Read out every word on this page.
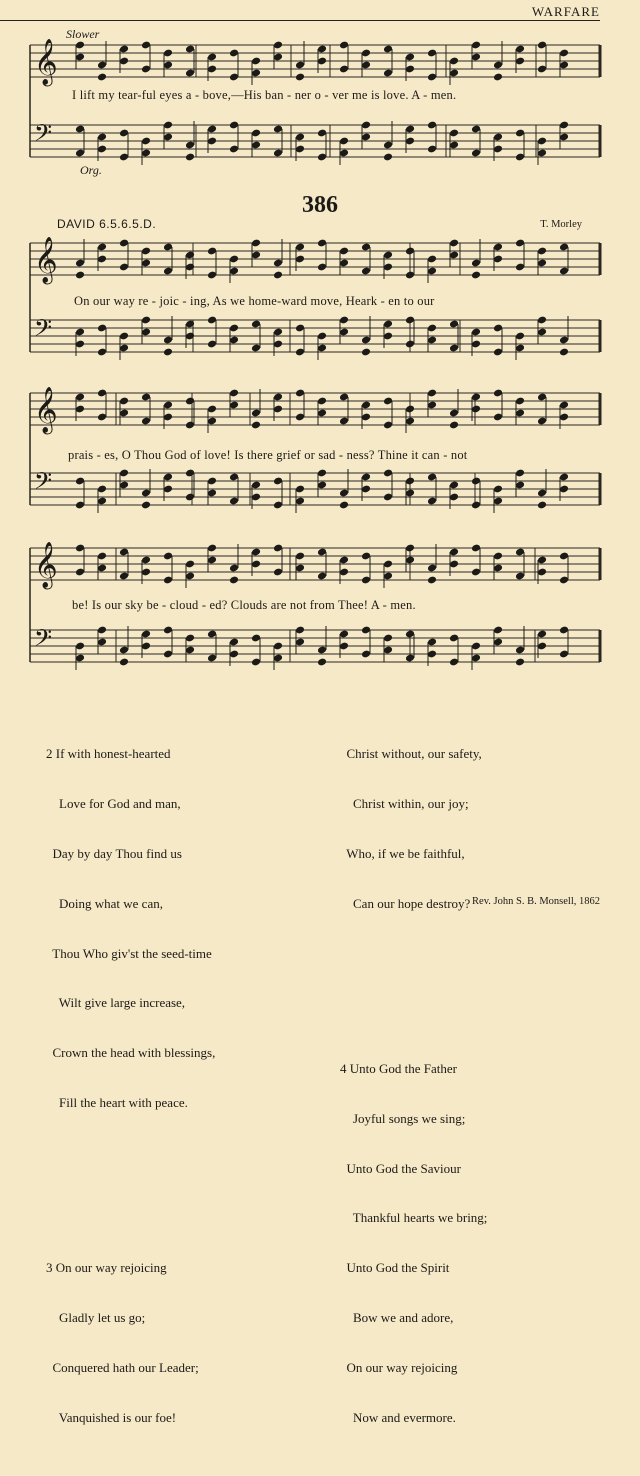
WARFARE
Slower
I lift my tear-ful eyes a - bove,—His ban - ner o - ver me is love. A - men.
Org.
386
DAVID 6.5.6.5.D.	T. Morley
On our way re - joic - ing, As we home-ward move, Heark - en to our
prais - es, O Thou God of love! Is there grief or sad - ness? Thine it can - not
be! Is our sky be - cloud - ed? Clouds are not from Thee! A - men.
𝄞
𝄢
𝄞
𝄢
𝄞
𝄢
𝄞
𝄢

2 If with honest-hearted

Love for God and man,

Day by day Thou find us

Doing what we can,

Thou Who giv'st the seed-time

Wilt give large increase,

Crown the head with blessings,

Fill the heart with peace.

3 On our way rejoicing

Gladly let us go;

Conquered hath our Leader;

Vanquished is our foe!

Christ without, our safety,

Christ within, our joy;

Who, if we be faithful,

Can our hope destroy?

4 Unto God the Father

Joyful songs we sing;

Unto God the Saviour

Thankful hearts we bring;

Unto God the Spirit

Bow we and adore,

On our way rejoicing

Now and evermore.

Rev. John S. B. Monsell, 1862
